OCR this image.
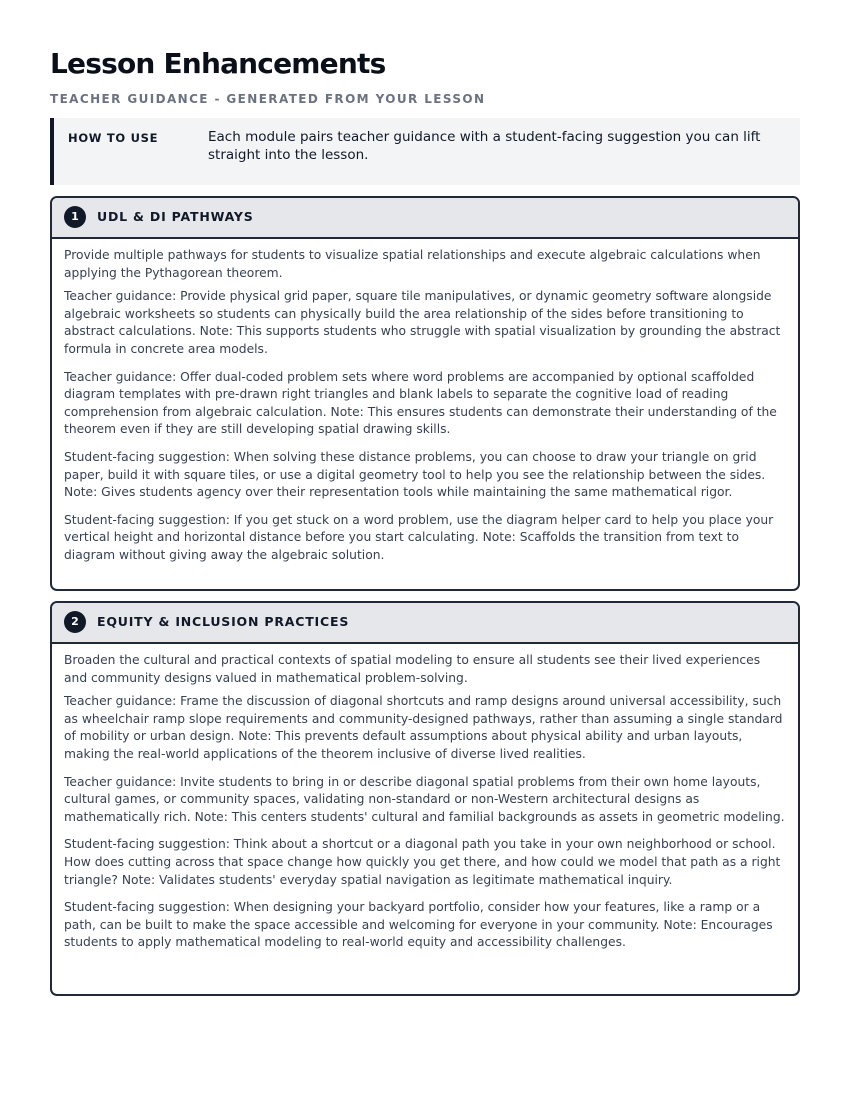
Lesson Enhancements
TEACHER GUIDANCE - GENERATED FROM YOUR LESSON
HOW TO USE	Each module pairs teacher guidance with a student-facing suggestion you can lift straight into the lesson.
1	UDL & DI PATHWAYS

Provide multiple pathways for students to visualize spatial relationships and execute algebraic calculations when applying the Pythagorean theorem.

Teacher guidance: Provide physical grid paper, square tile manipulatives, or dynamic geometry software alongside algebraic worksheets so students can physically build the area relationship of the sides before transitioning to abstract calculations. Note: This supports students who struggle with spatial visualization by grounding the abstract formula in concrete area models.

Teacher guidance: Offer dual-coded problem sets where word problems are accompanied by optional scaffolded diagram templates with pre-drawn right triangles and blank labels to separate the cognitive load of reading comprehension from algebraic calculation. Note: This ensures students can demonstrate their understanding of the theorem even if they are still developing spatial drawing skills.

Student-facing suggestion: When solving these distance problems, you can choose to draw your triangle on grid paper, build it with square tiles, or use a digital geometry tool to help you see the relationship between the sides. Note: Gives students agency over their representation tools while maintaining the same mathematical rigor.

Student-facing suggestion: If you get stuck on a word problem, use the diagram helper card to help you place your vertical height and horizontal distance before you start calculating. Note: Scaffolds the transition from text to diagram without giving away the algebraic solution.

2	EQUITY & INCLUSION PRACTICES

Broaden the cultural and practical contexts of spatial modeling to ensure all students see their lived experiences and community designs valued in mathematical problem-solving.

Teacher guidance: Frame the discussion of diagonal shortcuts and ramp designs around universal accessibility, such as wheelchair ramp slope requirements and community-designed pathways, rather than assuming a single standard of mobility or urban design. Note: This prevents default assumptions about physical ability and urban layouts, making the real-world applications of the theorem inclusive of diverse lived realities.

Teacher guidance: Invite students to bring in or describe diagonal spatial problems from their own home layouts, cultural games, or community spaces, validating non-standard or non-Western architectural designs as mathematically rich. Note: This centers students' cultural and familial backgrounds as assets in geometric modeling.

Student-facing suggestion: Think about a shortcut or a diagonal path you take in your own neighborhood or school. How does cutting across that space change how quickly you get there, and how could we model that path as a right triangle? Note: Validates students' everyday spatial navigation as legitimate mathematical inquiry.

Student-facing suggestion: When designing your backyard portfolio, consider how your features, like a ramp or a path, can be built to make the space accessible and welcoming for everyone in your community. Note: Encourages students to apply mathematical modeling to real-world equity and accessibility challenges.
